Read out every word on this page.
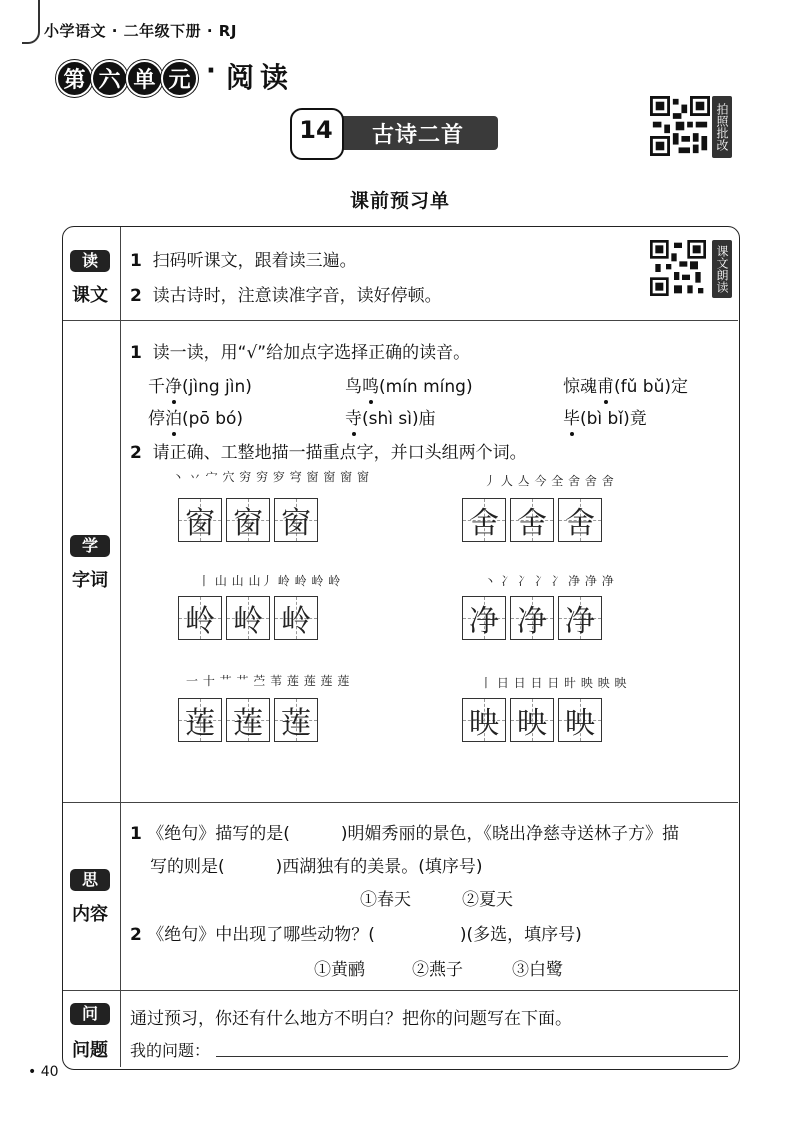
小学语文 · 二年级下册 · RJ
第 六 单 元 · 阅读
14	古诗二首	拍照批改
课前预习单
读
课文
1 扫码听课文，跟着读三遍。
2 读古诗时，注意读准字音，读好停顿。
课文朗读
学
字词
1 读一读，用“√”给加点字选择正确的读音。
千净(jìng jìn)	鸟鸣(mín míng)	惊魂甫(fǔ bǔ)定
停泊(pō bó)	寺(shì sì)庙	毕(bì bǐ)竟
2 请正确、工整地描一描重点字，并口头组两个词。
丶 丷 宀 穴 穷 穷 穸 穹 窗 窗 窗 窗
窗 窗 窗
丿 人 亼 今 全 舍 舍 舍
舍 舍 舍
丨 山 山 山丿 岭 岭 岭 岭
岭 岭 岭
丶 冫 冫 冫 冫 净 净 净
净 净 净
一 十 艹 艹 苎 苇 莲 莲 莲 莲
莲 莲 莲
丨 日 日 日 日 旪 映 映 映
映 映 映
思
内容
1 《绝句》描写的是(　　　)明媚秀丽的景色，《晓出净慈寺送林子方》描
写的则是(　　　)西湖独有的美景。(填序号)
①春天	②夏天
2 《绝句》中出现了哪些动物？(　　　　　)(多选，填序号)
①黄鹂	②燕子	③白鹭
问
问题
通过预习，你还有什么地方不明白？把你的问题写在下面。
我的问题：
• 40
